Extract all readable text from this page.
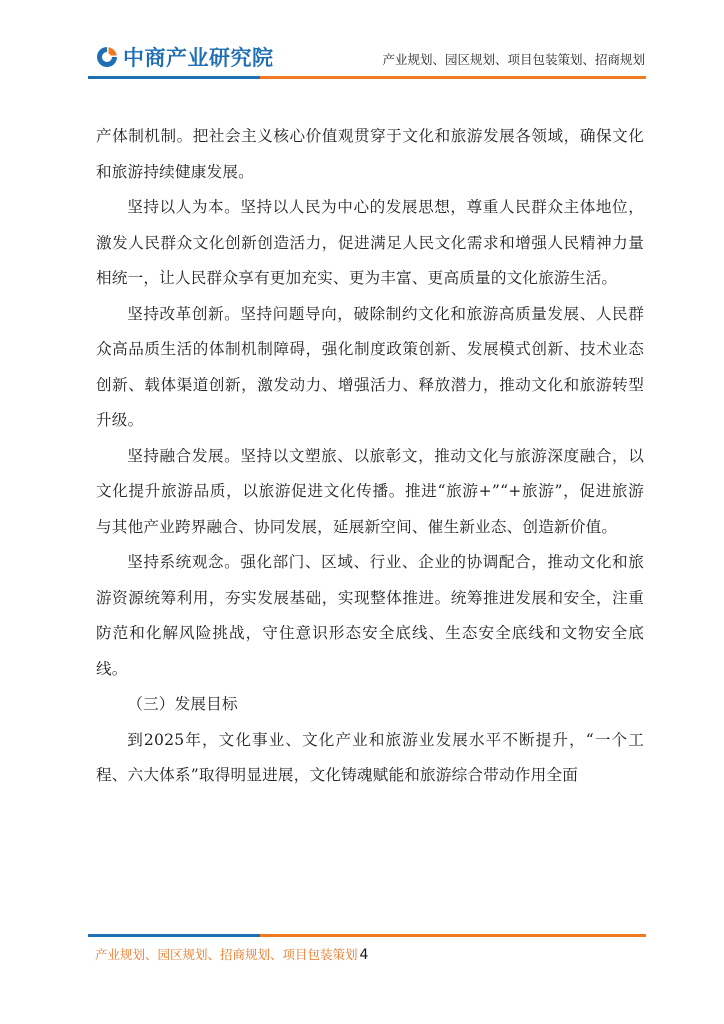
中商产业研究院	产业规划、园区规划、项目包装策划、招商规划

产体制机制。把社会主义核心价值观贯穿于文化和旅游发展各领域，确保文化和旅游持续健康发展。

坚持以人为本。坚持以人民为中心的发展思想，尊重人民群众主体地位，激发人民群众文化创新创造活力，促进满足人民文化需求和增强人民精神力量相统一，让人民群众享有更加充实、更为丰富、更高质量的文化旅游生活。

坚持改革创新。坚持问题导向，破除制约文化和旅游高质量发展、人民群众高品质生活的体制机制障碍，强化制度政策创新、发展模式创新、技术业态创新、载体渠道创新，激发动力、增强活力、释放潜力，推动文化和旅游转型升级。

坚持融合发展。坚持以文塑旅、以旅彰文，推动文化与旅游深度融合，以文化提升旅游品质，以旅游促进文化传播。推进“旅游+”“+旅游”，促进旅游与其他产业跨界融合、协同发展，延展新空间、催生新业态、创造新价值。

坚持系统观念。强化部门、区域、行业、企业的协调配合，推动文化和旅游资源统筹利用，夯实发展基础，实现整体推进。统筹推进发展和安全，注重防范和化解风险挑战，守住意识形态安全底线、生态安全底线和文物安全底线。

（三）发展目标

到2025年，文化事业、文化产业和旅游业发展水平不断提升，“一个工程、六大体系”取得明显进展，文化铸魂赋能和旅游综合带动作用全面

产业规划、园区规划、招商规划、项目包装策划 4
